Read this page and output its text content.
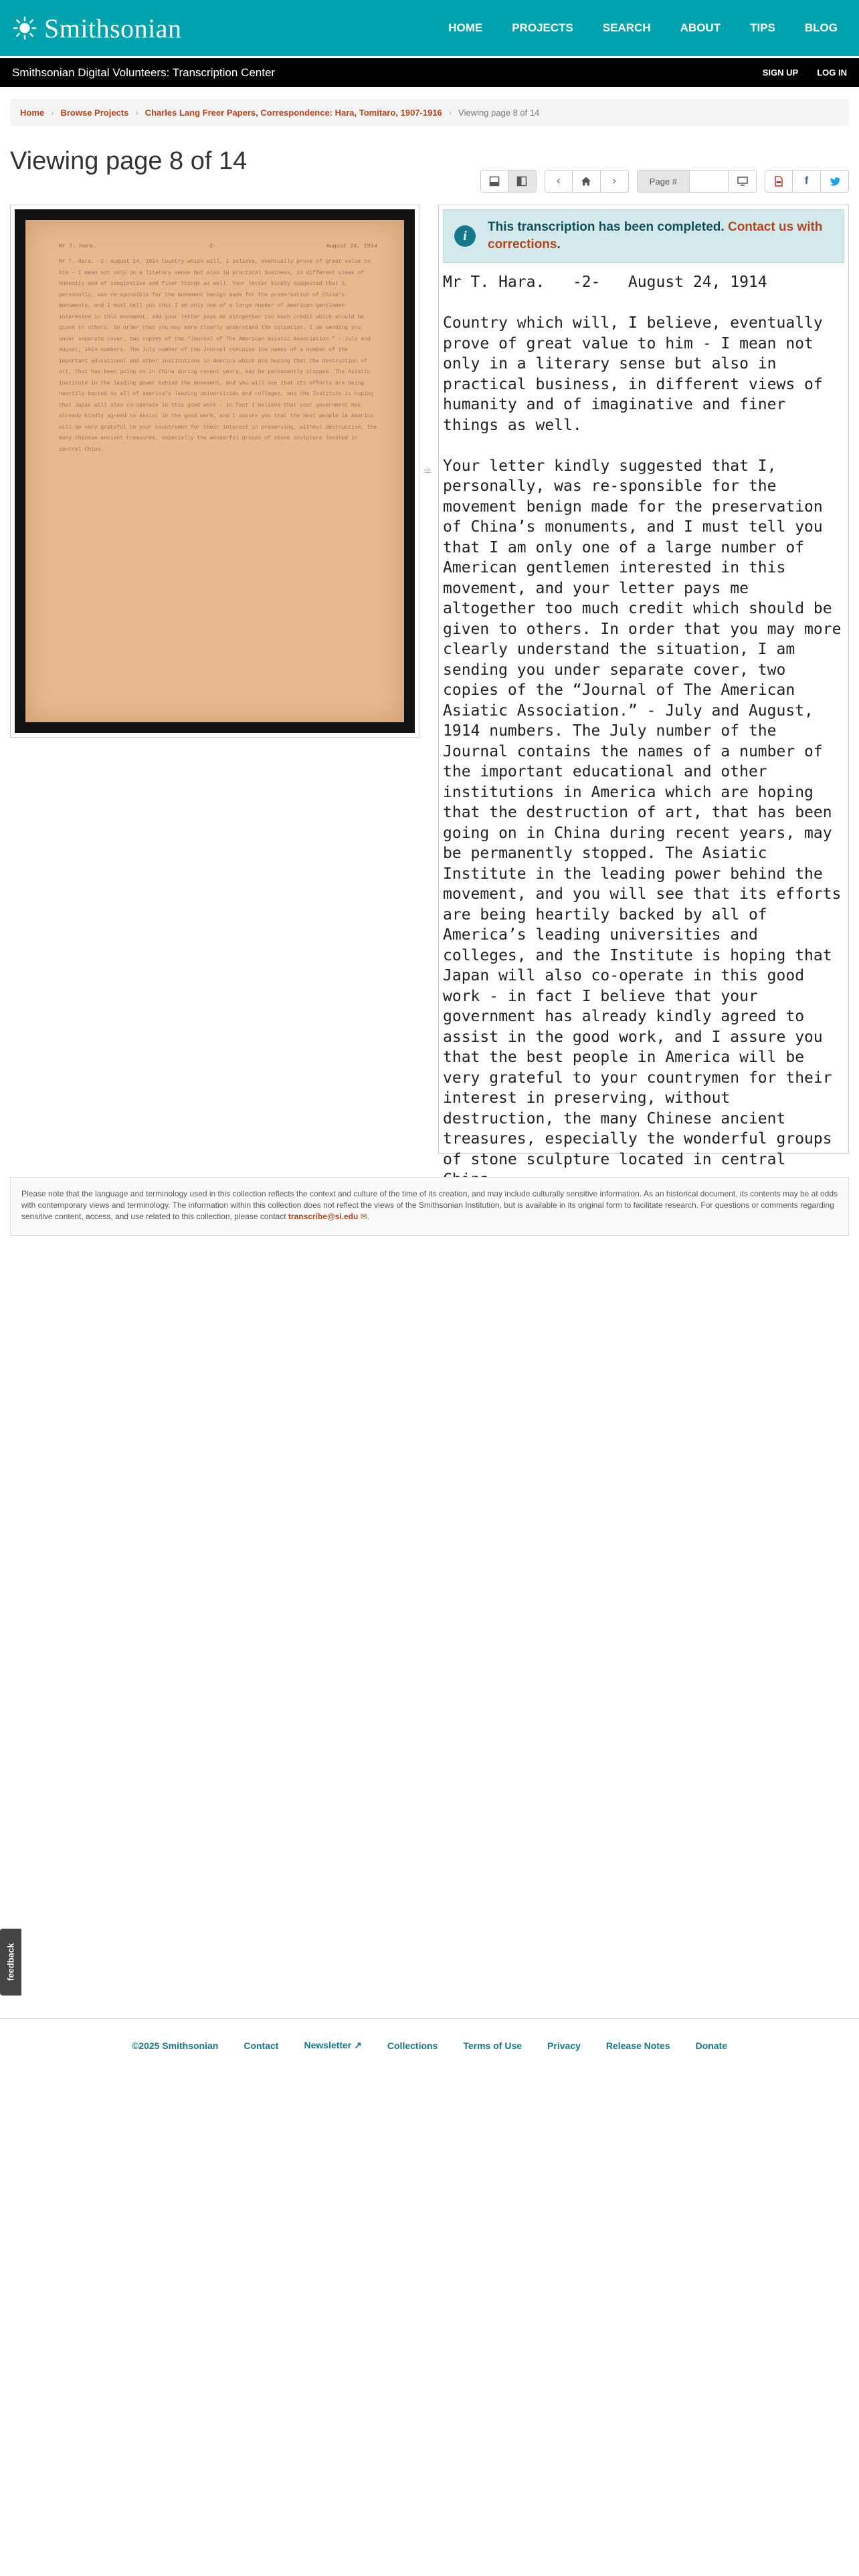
Smithsonian	HOME	PROJECTS	SEARCH	ABOUT	TIPS	BLOG
Smithsonian Digital Volunteers: Transcription Center	SIGN UP LOG IN
Home › Browse Projects › Charles Lang Freer Papers, Correspondence: Hara, Tomitaro, 1907-1916 › Viewing page 8 of 14
Viewing page 8 of 14
‹	›	Page #	f
Mr T. Hara.	-2-	August 24, 1914
Mr T. Hara. -2- August 24, 1914 Country which will, I believe, eventually prove of great value to him - I mean not only in a literary sense but also in practical business, in different views of humanity and of imaginative and finer things as well. Your letter kindly suggested that I, personally, was re-sponsible for the movement benign made for the preservation of China’s monuments, and I must tell you that I am only one of a large number of American gentlemen interested in this movement, and your letter pays me altogether too much credit which should be given to others. In order that you may more clearly understand the situation, I am sending you under separate cover, two copies of the “Journal of The American Asiatic Association.” - July and August, 1914 numbers. The July number of the Journal contains the names of a number of the important educational and other institutions in America which are hoping that the destruction of art, that has been going on in China during recent years, may be permanently stopped. The Asiatic Institute in the leading power behind the movement, and you will see that its efforts are being heartily backed by all of America’s leading universities and colleges, and the Institute is hoping that Japan will also co-operate in this good work - in fact I believe that your government has already kindly agreed to assist in the good work, and I assure you that the best people in America will be very grateful to your countrymen for their interest in preserving, without destruction, the many Chinese ancient treasures, especially the wonderful groups of stone sculpture located in central China.
|||
i
This transcription has been completed. Contact us with corrections.
Mr T. Hara.   -2-   August 24, 1914

Country which will, I believe, eventually prove of great value to him - I mean not only in a literary sense but also in practical business, in different views of humanity and of imaginative and finer things as well.

Your letter kindly suggested that I, personally, was re-sponsible for the movement benign made for the preservation of China’s monuments, and I must tell you that I am only one of a large number of American gentlemen interested in this movement, and your letter pays me altogether too much credit which should be given to others. In order that you may more clearly understand the situation, I am sending you under separate cover, two copies of the “Journal of The American Asiatic Association.” - July and August, 1914 numbers. The July number of the Journal contains the names of a number of the important educational and other institutions in America which are hoping that the destruction of art, that has been going on in China during recent years, may be permanently stopped. The Asiatic Institute in the leading power behind the movement, and you will see that its efforts are being heartily backed by all of America’s leading universities and colleges, and the Institute is hoping that Japan will also co-operate in this good work - in fact I believe that your government has already kindly agreed to assist in the good work, and I assure you that the best people in America will be very grateful to your countrymen for their interest in preserving, without destruction, the many Chinese ancient treasures, especially the wonderful groups of stone sculpture located in central
Please note that the language and terminology used in this collection reflects the context and culture of the time of its creation, and may include culturally sensitive information. As an historical document, its contents may be at odds with contemporary views and terminology. The information within this collection does not reflect the views of the Smithsonian Institution, but is available in its original form to facilitate research. For questions or comments regarding sensitive content, access, and use related to this collection, please contact transcribe@si.edu ✉.
feedback
©2025 Smithsonian	Contact	Newsletter ↗	Collections	Terms of Use	Privacy	Release Notes	Donate
